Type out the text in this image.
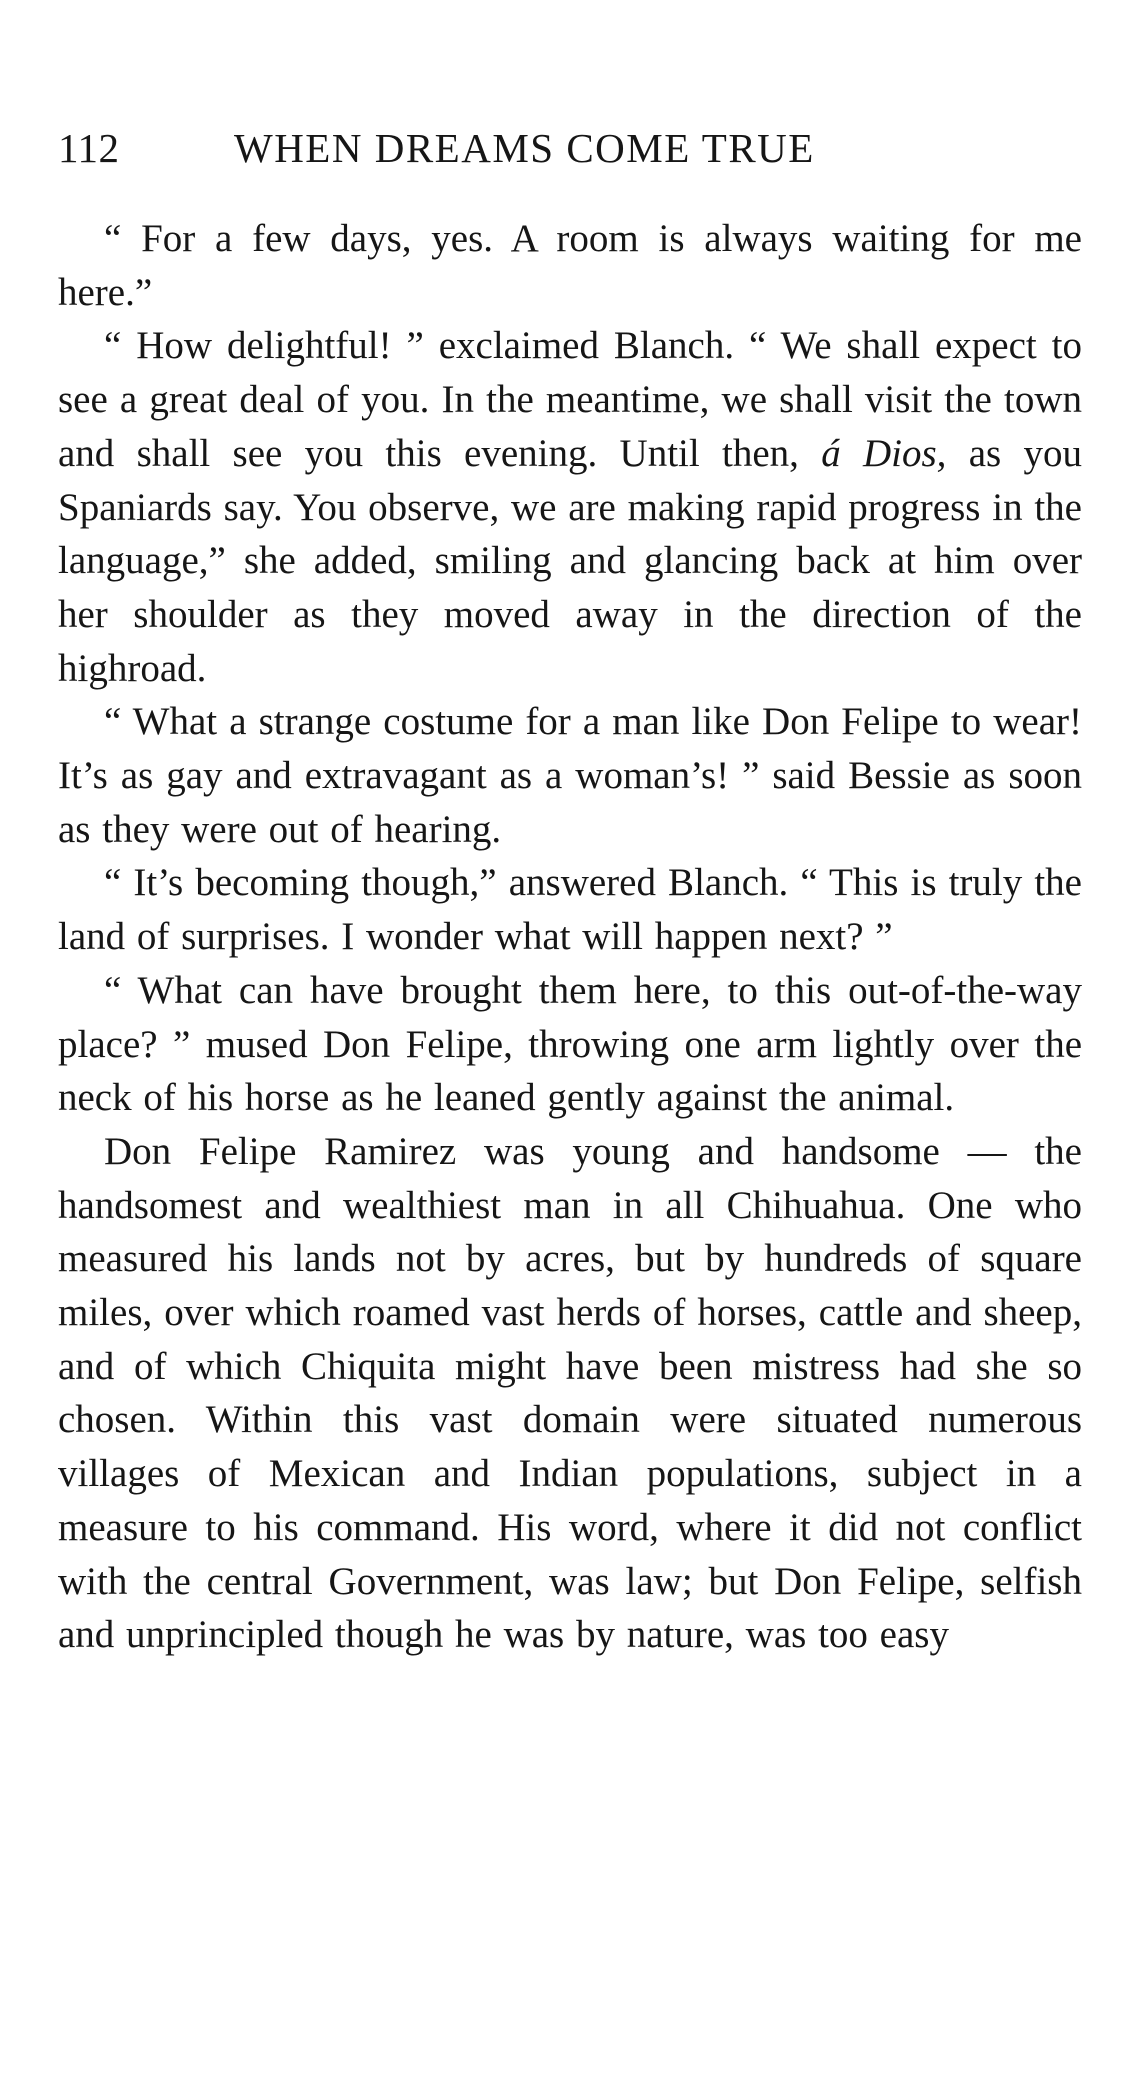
112	WHEN DREAMS COME TRUE

“ For a few days, yes. A room is always waiting for me here.”

“ How delightful! ” exclaimed Blanch. “ We shall expect to see a great deal of you. In the meantime, we shall visit the town and shall see you this evening. Until then, á Dios, as you Spaniards say. You observe, we are making rapid progress in the language,” she added, smiling and glancing back at him over her shoulder as they moved away in the direction of the highroad.

“ What a strange costume for a man like Don Felipe to wear! It’s as gay and extravagant as a woman’s! ” said Bessie as soon as they were out of hearing.

“ It’s becoming though,” answered Blanch. “ This is truly the land of surprises. I wonder what will happen next? ”

“ What can have brought them here, to this out-of-the-way place? ” mused Don Felipe, throwing one arm lightly over the neck of his horse as he leaned gently against the animal.

Don Felipe Ramirez was young and handsome — the handsomest and wealthiest man in all Chihuahua. One who measured his lands not by acres, but by hundreds of square miles, over which roamed vast herds of horses, cattle and sheep, and of which Chiquita might have been mistress had she so chosen. Within this vast domain were situated numerous villages of Mexican and Indian populations, subject in a measure to his command. His word, where it did not conflict with the central Government, was law; but Don Felipe, selfish and unprincipled though he was by nature, was too easy
